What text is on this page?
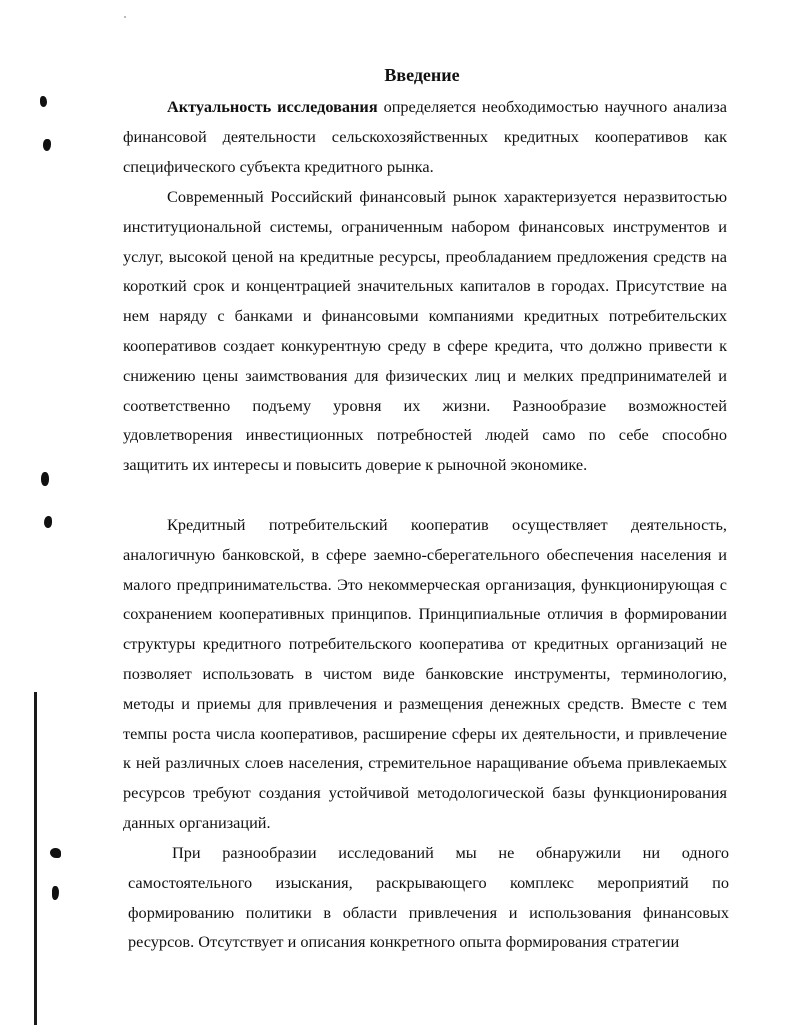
Введение

Актуальность исследования определяется необходимостью научного анализа финансовой деятельности сельскохозяйственных кредитных кооперативов как специфического субъекта кредитного рынка.

Современный Российский финансовый рынок характеризуется неразвитостью институциональной системы, ограниченным набором финансовых инструментов и услуг, высокой ценой на кредитные ресурсы, преобладанием предложения средств на короткий срок и концентрацией значительных капиталов в городах. Присутствие на нем наряду с банками и финансовыми компаниями кредитных потребительских кооперативов создает конкурентную среду в сфере кредита, что должно привести к снижению цены заимствования для физических лиц и мелких предпринимателей и соответственно подъему уровня их жизни. Разнообразие возможностей удовлетворения инвестиционных потребностей людей само по себе способно защитить их интересы и повысить доверие к рыночной экономике.

Кредитный потребительский кооператив осуществляет деятельность, аналогичную банковской, в сфере заемно-сберегательного обеспечения населения и малого предпринимательства. Это некоммерческая организация, функционирующая с сохранением кооперативных принципов. Принципиальные отличия в формировании структуры кредитного потребительского кооператива от кредитных организаций не позволяет использовать в чистом виде банковские инструменты, терминологию, методы и приемы для привлечения и размещения денежных средств. Вместе с тем темпы роста числа кооперативов, расширение сферы их деятельности, и привлечение к ней различных слоев населения, стремительное наращивание объема привлекаемых ресурсов требуют создания устойчивой методологической базы функционирования данных организаций.

При разнообразии исследований мы не обнаружили ни одного самостоятельного изыскания, раскрывающего комплекс мероприятий по формированию политики в области привлечения и использования финансовых ресурсов. Отсутствует и описания конкретного опыта формирования стратегии
